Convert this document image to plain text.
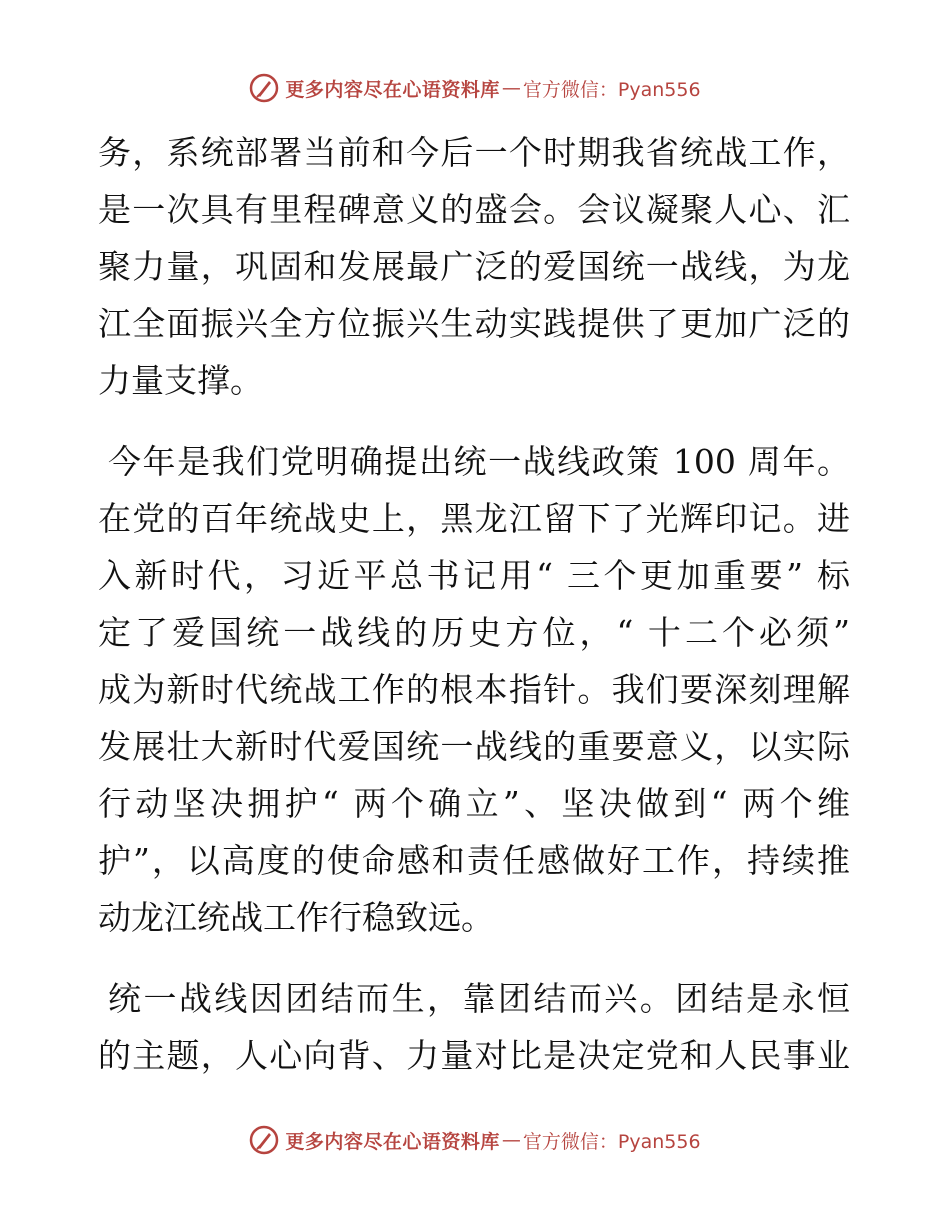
更多内容尽在心语资料库 — 官方微信：Pyan556
务，系统部署当前和今后一个时期我省统战工作，
是一次具有里程碑意义的盛会。会议凝聚人心、汇
聚力量，巩固和发展最广泛的爱国统一战线，为龙
江全面振兴全方位振兴生动实践提供了更加广泛的
力量支撑。
今年是我们党明确提出统一战线政策 100 周年。
在党的百年统战史上，黑龙江留下了光辉印记。进
入新时代，习近平总书记用“ 三个更加重要” 标
定了爱国统一战线的历史方位，“ 十二个必须”
成为新时代统战工作的根本指针。我们要深刻理解
发展壮大新时代爱国统一战线的重要意义，以实际
行动坚决拥护“ 两个确立”、坚决做到“ 两个维
护”，以高度的使命感和责任感做好工作，持续推
动龙江统战工作行稳致远。
统一战线因团结而生，靠团结而兴。团结是永恒
的主题，人心向背、力量对比是决定党和人民事业
更多内容尽在心语资料库 — 官方微信：Pyan556
